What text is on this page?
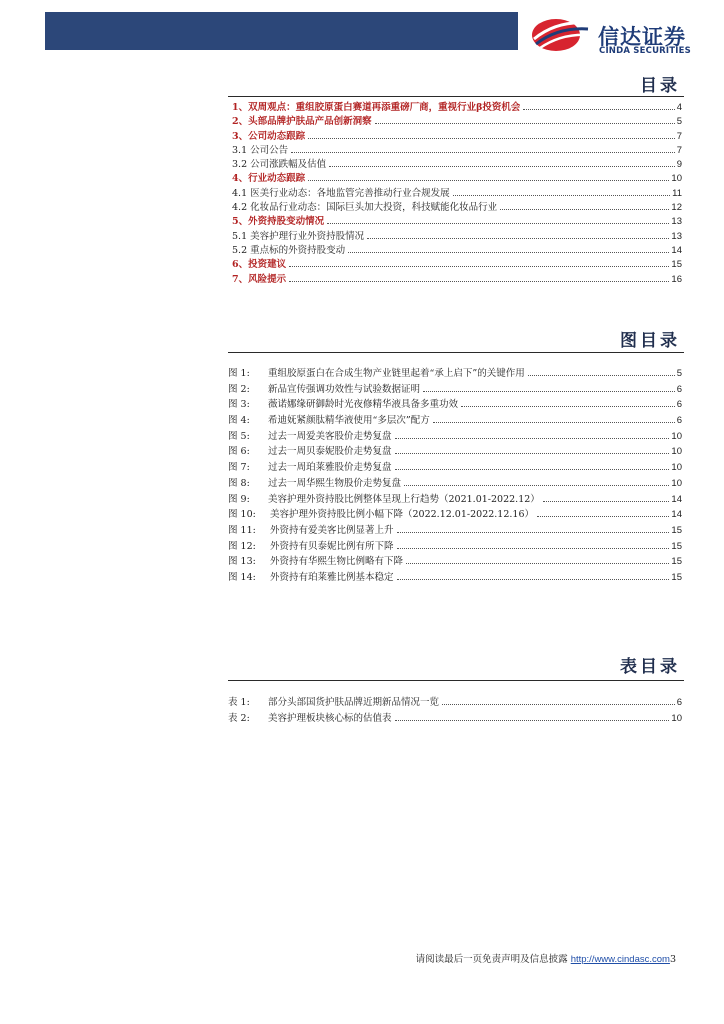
信达证券
CINDA SECURITIES
目录
1、双周观点：重组胶原蛋白赛道再添重磅厂商，重视行业β投资机会	4
2、头部品牌护肤品产品创新洞察	5
3、公司动态跟踪	7
3.1 公司公告	7
3.2 公司涨跌幅及估值	9
4、行业动态跟踪	10
4.1 医美行业动态：各地监管完善推动行业合规发展	11
4.2 化妆品行业动态：国际巨头加大投资，科技赋能化妆品行业	12
5、外资持股变动情况	13
5.1 美容护理行业外资持股情况	13
5.2 重点标的外资持股变动	14
6、投资建议	15
7、风险提示	16
图目录
图 1: 重组胶原蛋白在合成生物产业链里起着“承上启下”的关键作用	5
图 2: 新品宣传强调功效性与试验数据证明	6
图 3: 薇诺娜缘研御龄时光夜修精华液具备多重功效	6
图 4: 希迪妩紧颜肽精华液使用“多层次”配方	6
图 5: 过去一周爱美客股价走势复盘	10
图 6: 过去一周贝泰妮股价走势复盘	10
图 7: 过去一周珀莱雅股价走势复盘	10
图 8: 过去一周华熙生物股价走势复盘	10
图 9: 美容护理外资持股比例整体呈现上行趋势（2021.01-2022.12）	14
图 10: 美容护理外资持股比例小幅下降（2022.12.01-2022.12.16）	14
图 11: 外资持有爱美客比例显著上升	15
图 12: 外资持有贝泰妮比例有所下降	15
图 13: 外资持有华熙生物比例略有下降	15
图 14: 外资持有珀莱雅比例基本稳定	15
表目录
表 1: 部分头部国货护肤品牌近期新品情况一览	6
表 2: 美容护理板块核心标的估值表	10
请阅读最后一页免责声明及信息披露 http://www.cindasc.com3
